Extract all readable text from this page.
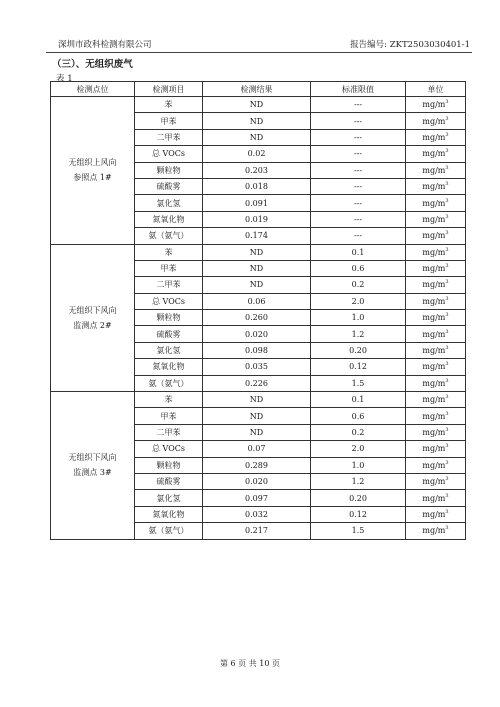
深圳市政科检测有限公司	报告编号: ZKT2503030401-1
（三）、无组织废气
表 1
检测点位	检测项目	检测结果	标准限值	单位

无组织上风向
参照点 1#	苯	ND	---	$mg/m^3$
	甲苯	ND	---	$mg/m^3$
	二甲苯	ND	---	$mg/m^3$
	总 VOCs	0.02	---	$mg/m^3$
	颗粒物	0.203	---	$mg/m^3$
	硫酸雾	0.018	---	$mg/m^3$
	氯化氢	0.091	---	$mg/m^3$
	氮氧化物	0.019	---	$mg/m^3$
	氨（氨气）	0.174	---	$mg/m^3$

无组织下风向
监测点 2#	苯	ND	0.1	$mg/m^3$
	甲苯	ND	0.6	$mg/m^3$
	二甲苯	ND	0.2	$mg/m^3$
	总 VOCs	0.06	2.0	$mg/m^3$
	颗粒物	0.260	1.0	$mg/m^3$
	硫酸雾	0.020	1.2	$mg/m^3$
	氯化氢	0.098	0.20	$mg/m^3$
	氮氧化物	0.035	0.12	$mg/m^3$
	氨（氨气）	0.226	1.5	$mg/m^3$

无组织下风向
监测点 3#	苯	ND	0.1	$mg/m^3$
	甲苯	ND	0.6	$mg/m^3$
	二甲苯	ND	0.2	$mg/m^3$
	总 VOCs	0.07	2.0	$mg/m^3$
	颗粒物	0.289	1.0	$mg/m^3$
	硫酸雾	0.020	1.2	$mg/m^3$
	氯化氢	0.097	0.20	$mg/m^3$
	氮氧化物	0.032	0.12	$mg/m^3$
	氨（氨气）	0.217	1.5	$mg/m^3$
第 6 页 共 10 页
